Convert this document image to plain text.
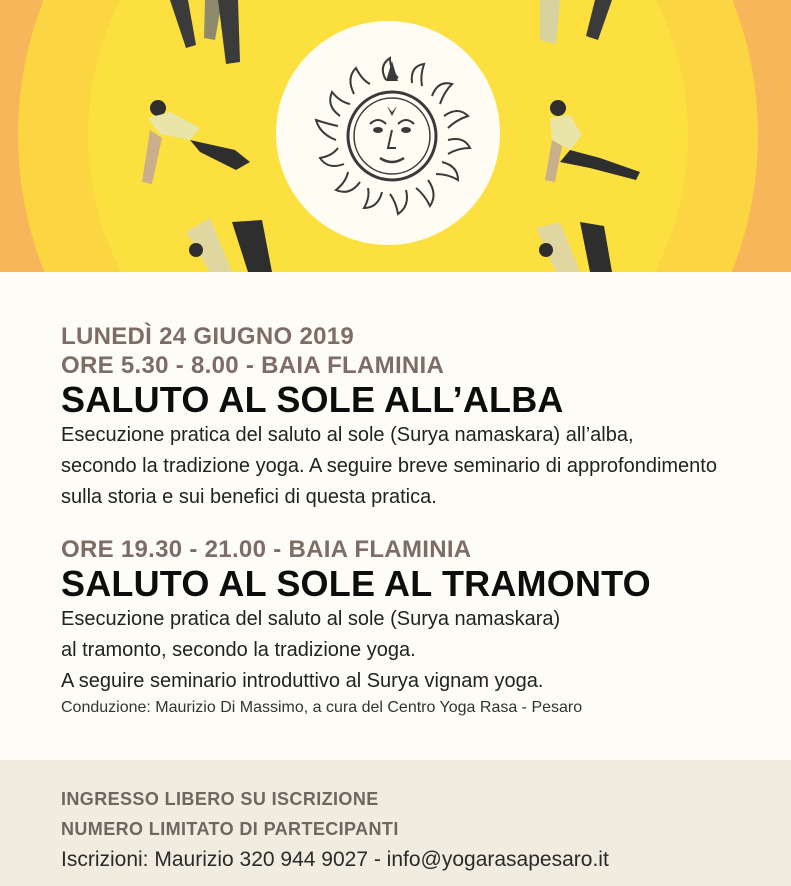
LUNEDÌ 24 GIUGNO 2019

ORE 5.30 - 8.00 - BAIA FLAMINIA

SALUTO AL SOLE ALL’ALBA

Esecuzione pratica del saluto al sole (Surya namaskara) all’alba,

secondo la tradizione yoga. A seguire breve seminario di approfondimento

sulla storia e sui benefici di questa pratica.

ORE 19.30 - 21.00 - BAIA FLAMINIA

SALUTO AL SOLE AL TRAMONTO

Esecuzione pratica del saluto al sole (Surya namaskara)

al tramonto, secondo la tradizione yoga.

A seguire seminario introduttivo al Surya vignam yoga.

Conduzione: Maurizio Di Massimo, a cura del Centro Yoga Rasa - Pesaro

INGRESSO LIBERO SU ISCRIZIONE

NUMERO LIMITATO DI PARTECIPANTI

Iscrizioni: Maurizio 320 944 9027 - info@yogarasapesaro.it
